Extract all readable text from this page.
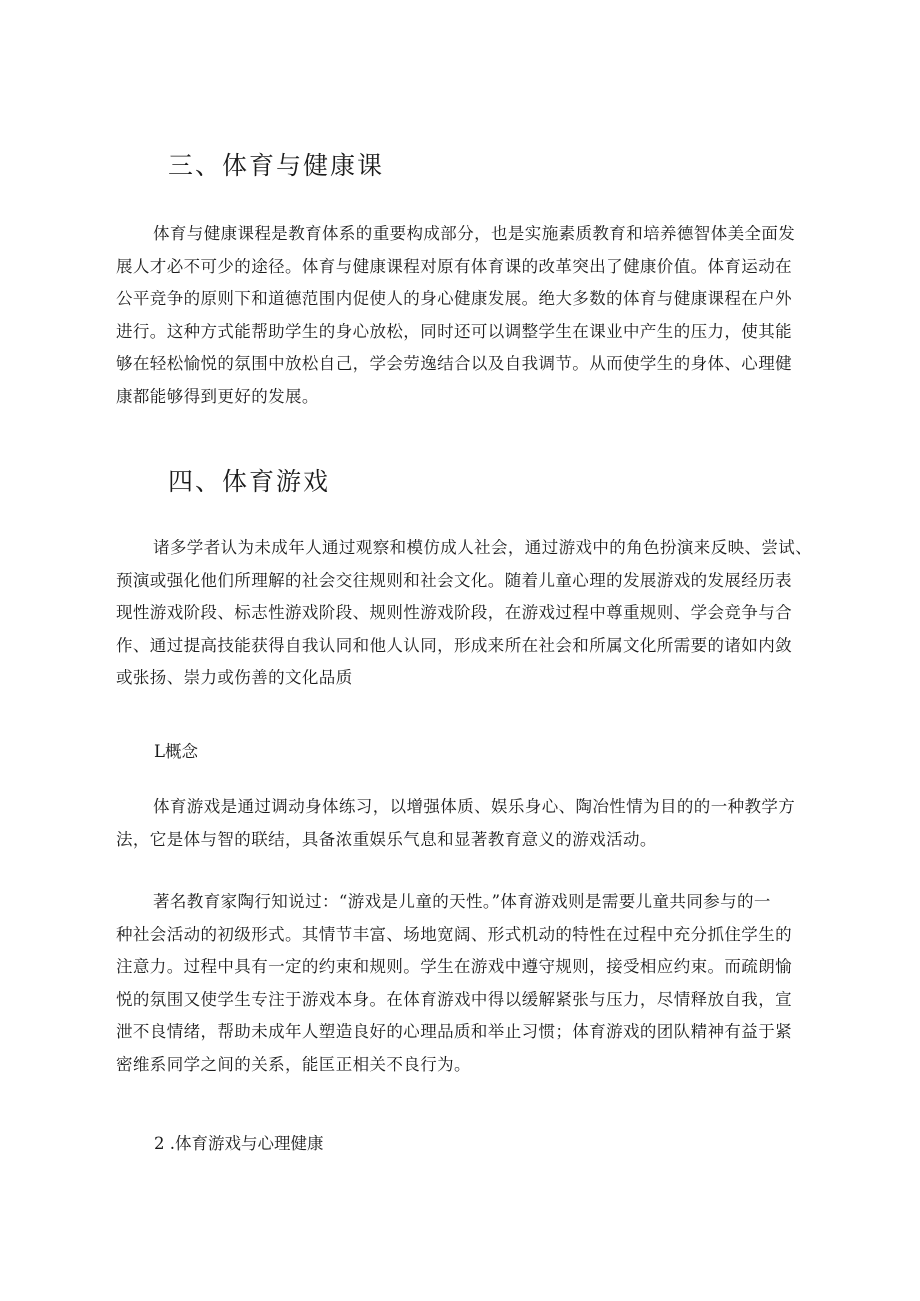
三、体育与健康课
体育与健康课程是教育体系的重要构成部分，也是实施素质教育和培养德智体美全面发
展人才必不可少的途径。体育与健康课程对原有体育课的改革突出了健康价值。体育运动在
公平竞争的原则下和道德范围内促使人的身心健康发展。绝大多数的体育与健康课程在户外
进行。这种方式能帮助学生的身心放松，同时还可以调整学生在课业中产生的压力，使其能
够在轻松愉悦的氛围中放松自己，学会劳逸结合以及自我调节。从而使学生的身体、心理健
康都能够得到更好的发展。
四、体育游戏
诸多学者认为未成年人通过观察和模仿成人社会，通过游戏中的角色扮演来反映、尝试、
预演或强化他们所理解的社会交往规则和社会文化。随着儿童心理的发展游戏的发展经历表
现性游戏阶段、标志性游戏阶段、规则性游戏阶段，在游戏过程中尊重规则、学会竞争与合
作、通过提高技能获得自我认同和他人认同，形成来所在社会和所属文化所需要的诸如内敛
或张扬、崇力或伤善的文化品质
L概念
体育游戏是通过调动身体练习，以增强体质、娱乐身心、陶冶性情为目的的一种教学方
法，它是体与智的联结，具备浓重娱乐气息和显著教育意义的游戏活动。
著名教育家陶行知说过：“游戏是儿童的天性。”体育游戏则是需要儿童共同参与的一
种社会活动的初级形式。其情节丰富、场地宽阔、形式机动的特性在过程中充分抓住学生的
注意力。过程中具有一定的约束和规则。学生在游戏中遵守规则，接受相应约束。而疏朗愉
悦的氛围又使学生专注于游戏本身。在体育游戏中得以缓解紧张与压力，尽情释放自我，宣
泄不良情绪，帮助未成年人塑造良好的心理品质和举止习惯；体育游戏的团队精神有益于紧
密维系同学之间的关系，能匡正相关不良行为。
2 .体育游戏与心理健康
